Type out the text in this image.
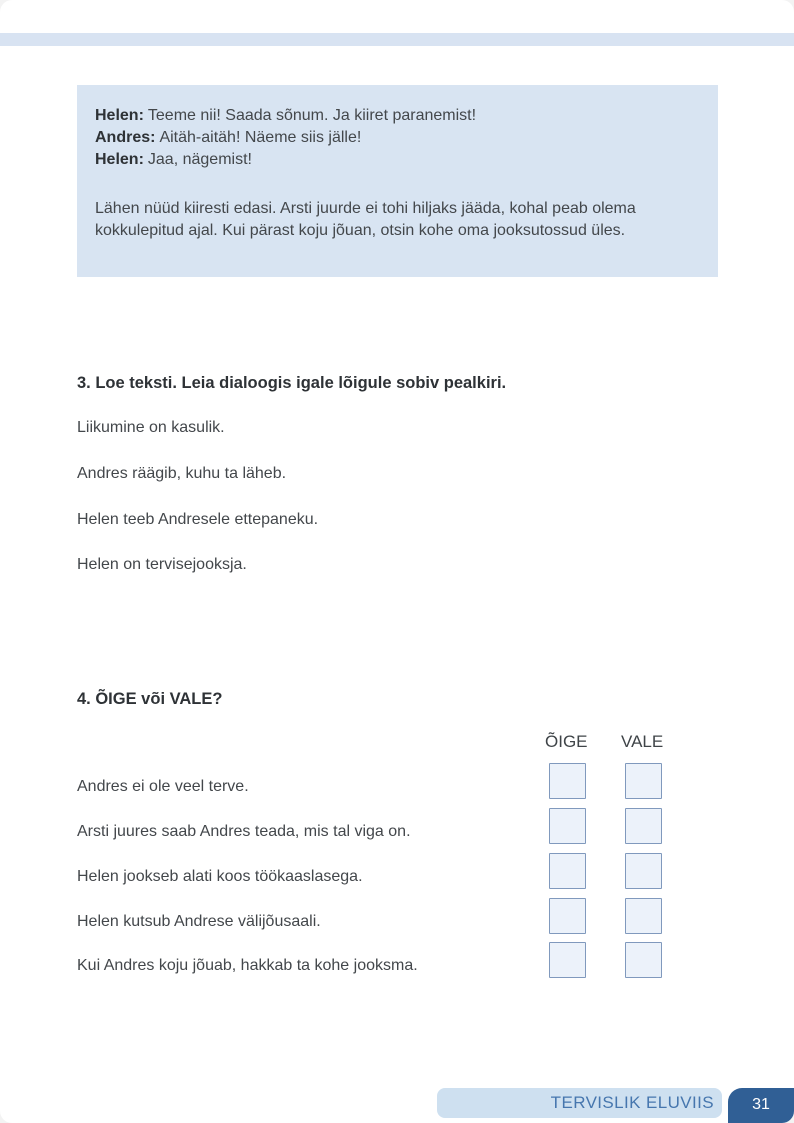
Helen: Teeme nii! Saada sõnum. Ja kiiret paranemist!
Andres: Aitäh-aitäh! Näeme siis jälle!
Helen: Jaa, nägemist!

Lähen nüüd kiiresti edasi. Arsti juurde ei tohi hiljaks jääda, kohal peab olema kokkulepitud ajal. Kui pärast koju jõuan, otsin kohe oma jooksutossud üles.

3. Loe teksti. Leia dialoogis igale lõigule sobiv pealkiri.
Liikumine on kasulik.
Andres räägib, kuhu ta läheb.
Helen teeb Andresele ettepaneku.
Helen on tervisejooksja.
4. ÕIGE või VALE?
ÕIGE VALE
Andres ei ole veel terve.
Arsti juures saab Andres teada, mis tal viga on.
Helen jookseb alati koos töökaaslasega.
Helen kutsub Andrese välijõusaali.
Kui Andres koju jõuab, hakkab ta kohe jooksma.
TERVISLIK ELUVIIS 31
